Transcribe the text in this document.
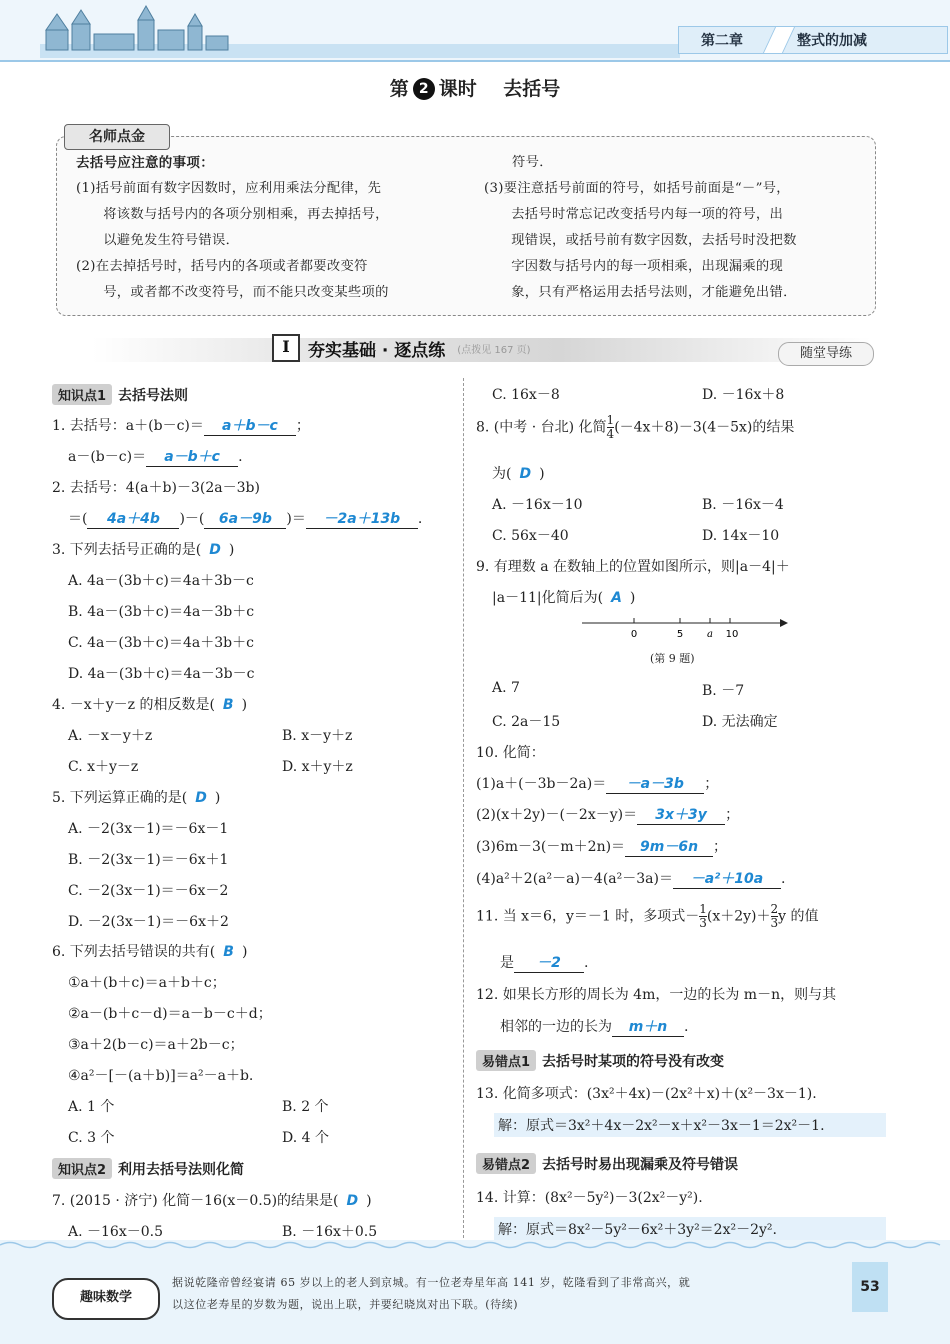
第二章	整式的加减
第 2 课时 去括号
名师点金
去括号应注意的事项：
(1)括号前面有数字因数时，应利用乘法分配律，先
　　将该数与括号内的各项分别相乘，再去掉括号，
　　以避免发生符号错误．
(2)在去掉括号时，括号内的各项或者都要改变符
　　号，或者都不改变符号，而不能只改变某些项的
符号．
(3)要注意括号前面的符号，如括号前面是“－”号，
　　去括号时常忘记改变括号内每一项的符号，出
　　现错误，或括号前有数字因数，去括号时没把数
　　字因数与括号内的每一项相乘，出现漏乘的现
　　象，只有严格运用去括号法则，才能避免出错．
I	夯实基础 · 逐点练 (点拨见 167 页)	随堂导练
知识点1 去括号法则
1. 去括号：a＋(b－c)＝ a＋b－c ；
a－(b－c)＝ a－b＋c .
2. 去括号：4(a＋b)－3(2a－3b)
＝( 4a＋4b )－( 6a－9b )＝ －2a＋13b .
3. 下列去括号正确的是( D )
A. 4a－(3b＋c)＝4a＋3b－c
B. 4a－(3b＋c)＝4a－3b＋c
C. 4a－(3b＋c)＝4a＋3b＋c
D. 4a－(3b＋c)＝4a－3b－c
4. －x＋y－z 的相反数是( B )
A. －x－y＋z	B. x－y＋z
C. x＋y－z	D. x＋y＋z
5. 下列运算正确的是( D )
A. －2(3x－1)＝－6x－1
B. －2(3x－1)＝－6x＋1
C. －2(3x－1)＝－6x－2
D. －2(3x－1)＝－6x＋2
6. 下列去括号错误的共有( B )
①a＋(b＋c)＝a＋b＋c；
②a－(b＋c－d)＝a－b－c＋d；
③a＋2(b－c)＝a＋2b－c；
④a²－[－(a＋b)]＝a²－a＋b.
A. 1 个	B. 2 个
C. 3 个	D. 4 个
知识点2 利用去括号法则化简
7. (2015 · 济宁) 化简－16(x－0.5)的结果是( D )
A. －16x－0.5	B. －16x＋0.5
C. 16x－8	D. －16x＋8
8. (中考 · 台北) 化简 $\frac{1}{4} (-4x+8)-3(4-5x)$的结果
为( D )
A. －16x－10	B. －16x－4
C. 56x－40	D. 14x－10
9. 有理数 a 在数轴上的位置如图所示，则|a－4|＋
|a－11|化简后为( A )
0	5 a 10
(第 9 题)
A. 7	B. －7
C. 2a－15	D. 无法确定
10. 化简：
(1)a＋(－3b－2a)＝ －a－3b ；
(2)(x＋2y)－(－2x－y)＝ 3x＋3y ；
(3)6m－3(－m＋2n)＝ 9m－6n ；
(4)a²＋2(a²－a)－4(a²－3a)＝ －a²＋10a .
11. 当 x＝6，y＝－1 时，多项式－ $\frac{1}{3} (x+2y)+ \frac{2}{3}$ y 的值
是 －2 .
12. 如果长方形的周长为 4m，一边的长为 m－n，则与其
相邻的一边的长为 m＋n .
易错点1 去括号时某项的符号没有改变
13. 化简多项式：(3x²＋4x)－(2x²＋x)＋(x²－3x－1).
解：原式＝3x²＋4x－2x²－x＋x²－3x－1＝2x²－1.
易错点2 去括号时易出现漏乘及符号错误
14. 计算：(8x²－5y²)－3(2x²－y²).
解：原式＝8x²－5y²－6x²＋3y²＝2x²－2y².
趣味数学
据说乾隆帝曾经宴请 65 岁以上的老人到京城。有一位老寿星年高 141 岁，乾隆看到了非常高兴，就
以这位老寿星的岁数为题，说出上联，并要纪晓岚对出下联。(待续)
53
